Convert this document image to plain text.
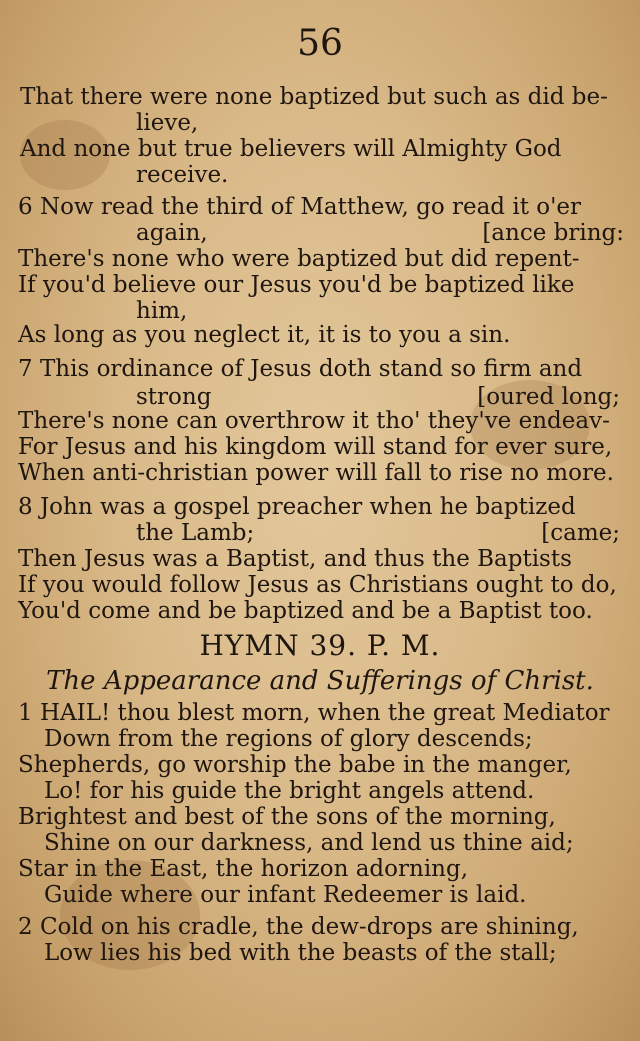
56
That there were none baptized but such as did be-
lieve,
And none but true believers will Almighty God
receive.
6 Now read the third of Matthew, go read it o'er
again,	[ance bring:
There's none who were baptized but did repent-
If you'd believe our Jesus you'd be baptized like
him,
As long as you neglect it, it is to you a sin.
7 This ordinance of Jesus doth stand so firm and
strong	[oured long;
There's none can overthrow it tho' they've endeav-
For Jesus and his kingdom will stand for ever sure,
When anti-christian power will fall to rise no more.
8 John was a gospel preacher when he baptized
the Lamb;	[came;
Then Jesus was a Baptist, and thus the Baptists
If you would follow Jesus as Christians ought to do,
You'd come and be baptized and be a Baptist too.
HYMN 39. P. M.
The Appearance and Sufferings of Christ.
1 HAIL! thou blest morn, when the great Mediator
Down from the regions of glory descends;
Shepherds, go worship the babe in the manger,
Lo! for his guide the bright angels attend.
Brightest and best of the sons of the morning,
Shine on our darkness, and lend us thine aid;
Star in the East, the horizon adorning,
Guide where our infant Redeemer is laid.
2 Cold on his cradle, the dew-drops are shining,
Low lies his bed with the beasts of the stall;
